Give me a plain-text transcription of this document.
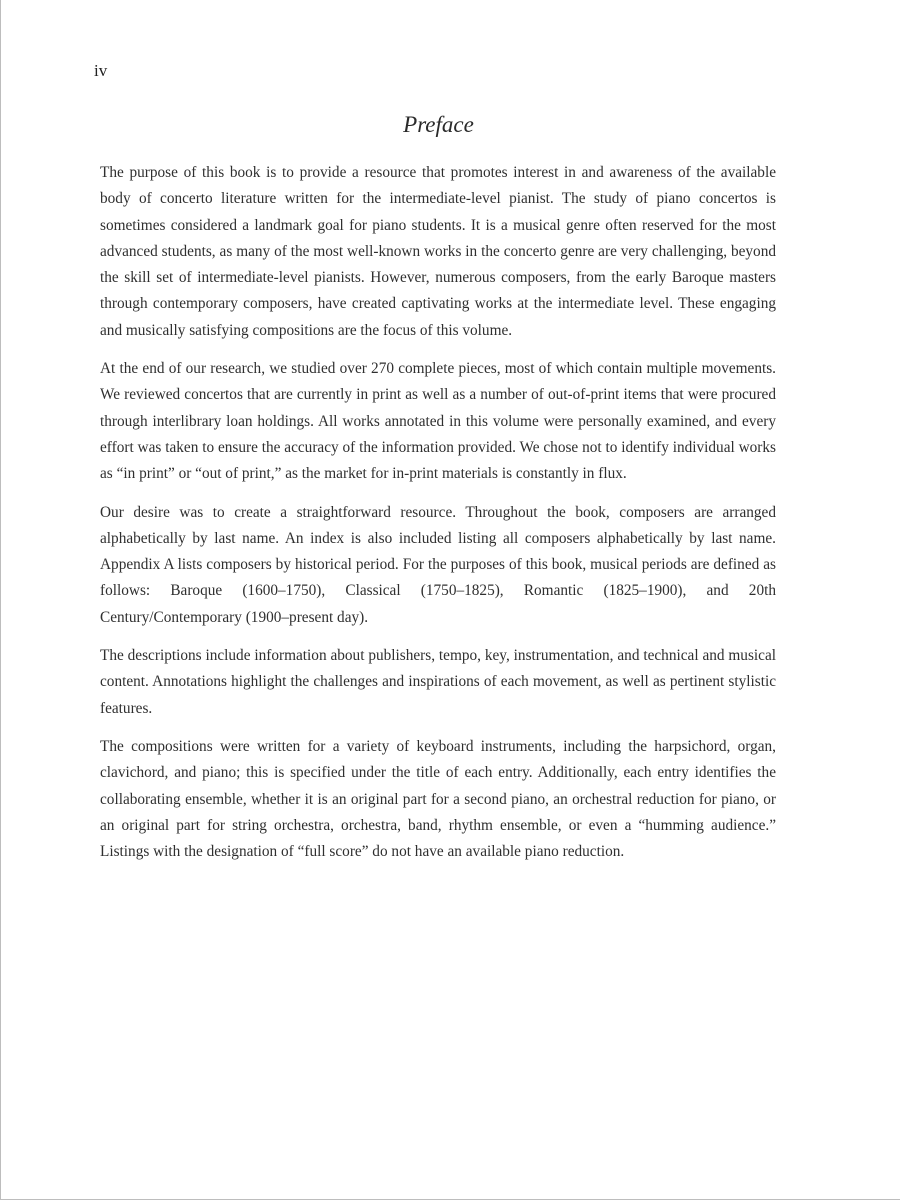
iv
Preface

The purpose of this book is to provide a resource that promotes interest in and awareness of the available body of concerto literature written for the intermediate-level pianist. The study of piano concertos is sometimes considered a landmark goal for piano students. It is a musical genre often reserved for the most advanced students, as many of the most well-known works in the concerto genre are very challenging, beyond the skill set of intermediate-level pianists. However, numerous composers, from the early Baroque masters through contemporary composers, have created captivating works at the intermediate level. These engaging and musically satisfying compositions are the focus of this volume.

At the end of our research, we studied over 270 complete pieces, most of which contain multiple movements. We reviewed concertos that are currently in print as well as a number of out-of-print items that were procured through interlibrary loan holdings. All works annotated in this volume were personally examined, and every effort was taken to ensure the accuracy of the information provided. We chose not to identify individual works as “in print” or “out of print,” as the market for in-print materials is constantly in flux.

Our desire was to create a straightforward resource. Throughout the book, composers are arranged alphabetically by last name. An index is also included listing all composers alphabetically by last name. Appendix A lists composers by historical period. For the purposes of this book, musical periods are defined as follows: Baroque (1600–1750), Classical (1750–1825), Romantic (1825–1900), and 20th Century/Contemporary (1900–present day).

The descriptions include information about publishers, tempo, key, instrumentation, and technical and musical content. Annotations highlight the challenges and inspirations of each movement, as well as pertinent stylistic features.

The compositions were written for a variety of keyboard instruments, including the harpsichord, organ, clavichord, and piano; this is specified under the title of each entry. Additionally, each entry identifies the collaborating ensemble, whether it is an original part for a second piano, an orchestral reduction for piano, or an original part for string orchestra, orchestra, band, rhythm ensemble, or even a “humming audience.” Listings with the designation of “full score” do not have an available piano reduction.
